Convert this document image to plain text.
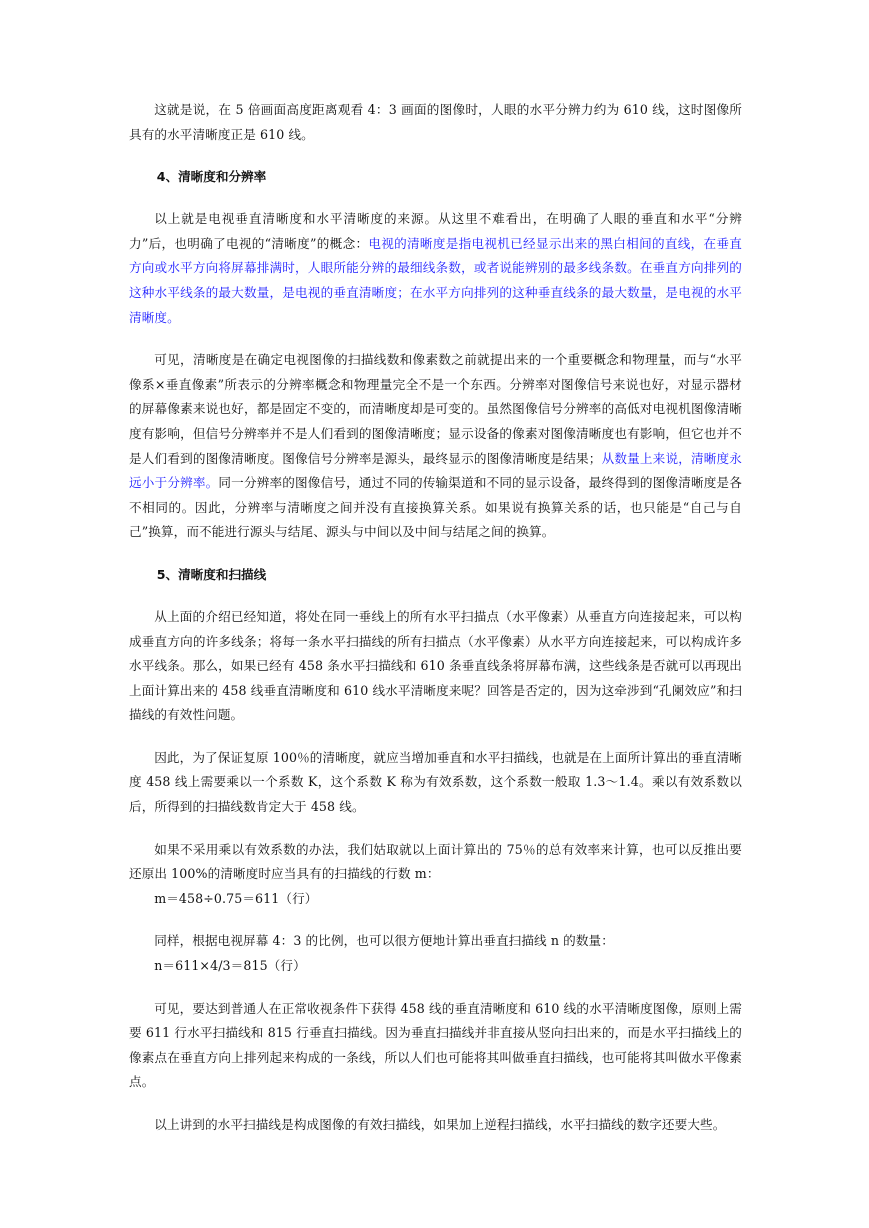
这就是说，在 5 倍画面高度距离观看 4：3 画面的图像时，人眼的水平分辨力约为 610 线，这时图像所具有的水平清晰度正是 610 线。

4、清晰度和分辨率

以上就是电视垂直清晰度和水平清晰度的来源。从这里不难看出，在明确了人眼的垂直和水平“分辨力”后，也明确了电视的“清晰度”的概念：电视的清晰度是指电视机已经显示出来的黑白相间的直线，在垂直方向或水平方向将屏幕排满时，人眼所能分辨的最细线条数，或者说能辨别的最多线条数。在垂直方向排列的这种水平线条的最大数量，是电视的垂直清晰度；在水平方向排列的这种垂直线条的最大数量，是电视的水平清晰度。

可见，清晰度是在确定电视图像的扫描线数和像素数之前就提出来的一个重要概念和物理量，而与“水平像系×垂直像素”所表示的分辨率概念和物理量完全不是一个东西。分辨率对图像信号来说也好，对显示器材的屏幕像素来说也好，都是固定不变的，而清晰度却是可变的。虽然图像信号分辨率的高低对电视机图像清晰度有影响，但信号分辨率并不是人们看到的图像清晰度；显示设备的像素对图像清晰度也有影响，但它也并不是人们看到的图像清晰度。图像信号分辨率是源头，最终显示的图像清晰度是结果；从数量上来说，清晰度永远小于分辨率。同一分辨率的图像信号，通过不同的传输渠道和不同的显示设备，最终得到的图像清晰度是各不相同的。因此，分辨率与清晰度之间并没有直接换算关系。如果说有换算关系的话，也只能是“自己与自己”换算，而不能进行源头与结尾、源头与中间以及中间与结尾之间的换算。

5、清晰度和扫描线

从上面的介绍已经知道，将处在同一垂线上的所有水平扫描点（水平像素）从垂直方向连接起来，可以构成垂直方向的许多线条；将每一条水平扫描线的所有扫描点（水平像素）从水平方向连接起来，可以构成许多水平线条。那么，如果已经有 458 条水平扫描线和 610 条垂直线条将屏幕布满，这些线条是否就可以再现出上面计算出来的 458 线垂直清晰度和 610 线水平清晰度来呢？回答是否定的，因为这牵涉到“孔阑效应”和扫描线的有效性问题。

因此，为了保证复原 100％的清晰度，就应当增加垂直和水平扫描线，也就是在上面所计算出的垂直清晰度 458 线上需要乘以一个系数 K，这个系数 K 称为有效系数，这个系数一般取 1.3～1.4。乘以有效系数以后，所得到的扫描线数肯定大于 458 线。

如果不采用乘以有效系数的办法，我们姑取就以上面计算出的 75％的总有效率来计算，也可以反推出要还原出 100%的清晰度时应当具有的扫描线的行数 m：

m＝458÷0.75＝611（行）

同样，根据电视屏幕 4：3 的比例，也可以很方便地计算出垂直扫描线 n 的数量：

n＝611×4/3＝815（行）

可见，要达到普通人在正常收视条件下获得 458 线的垂直清晰度和 610 线的水平清晰度图像，原则上需要 611 行水平扫描线和 815 行垂直扫描线。因为垂直扫描线并非直接从竖向扫出来的，而是水平扫描线上的像素点在垂直方向上排列起来构成的一条线，所以人们也可能将其叫做垂直扫描线，也可能将其叫做水平像素点。

以上讲到的水平扫描线是构成图像的有效扫描线，如果加上逆程扫描线，水平扫描线的数字还要大些。
